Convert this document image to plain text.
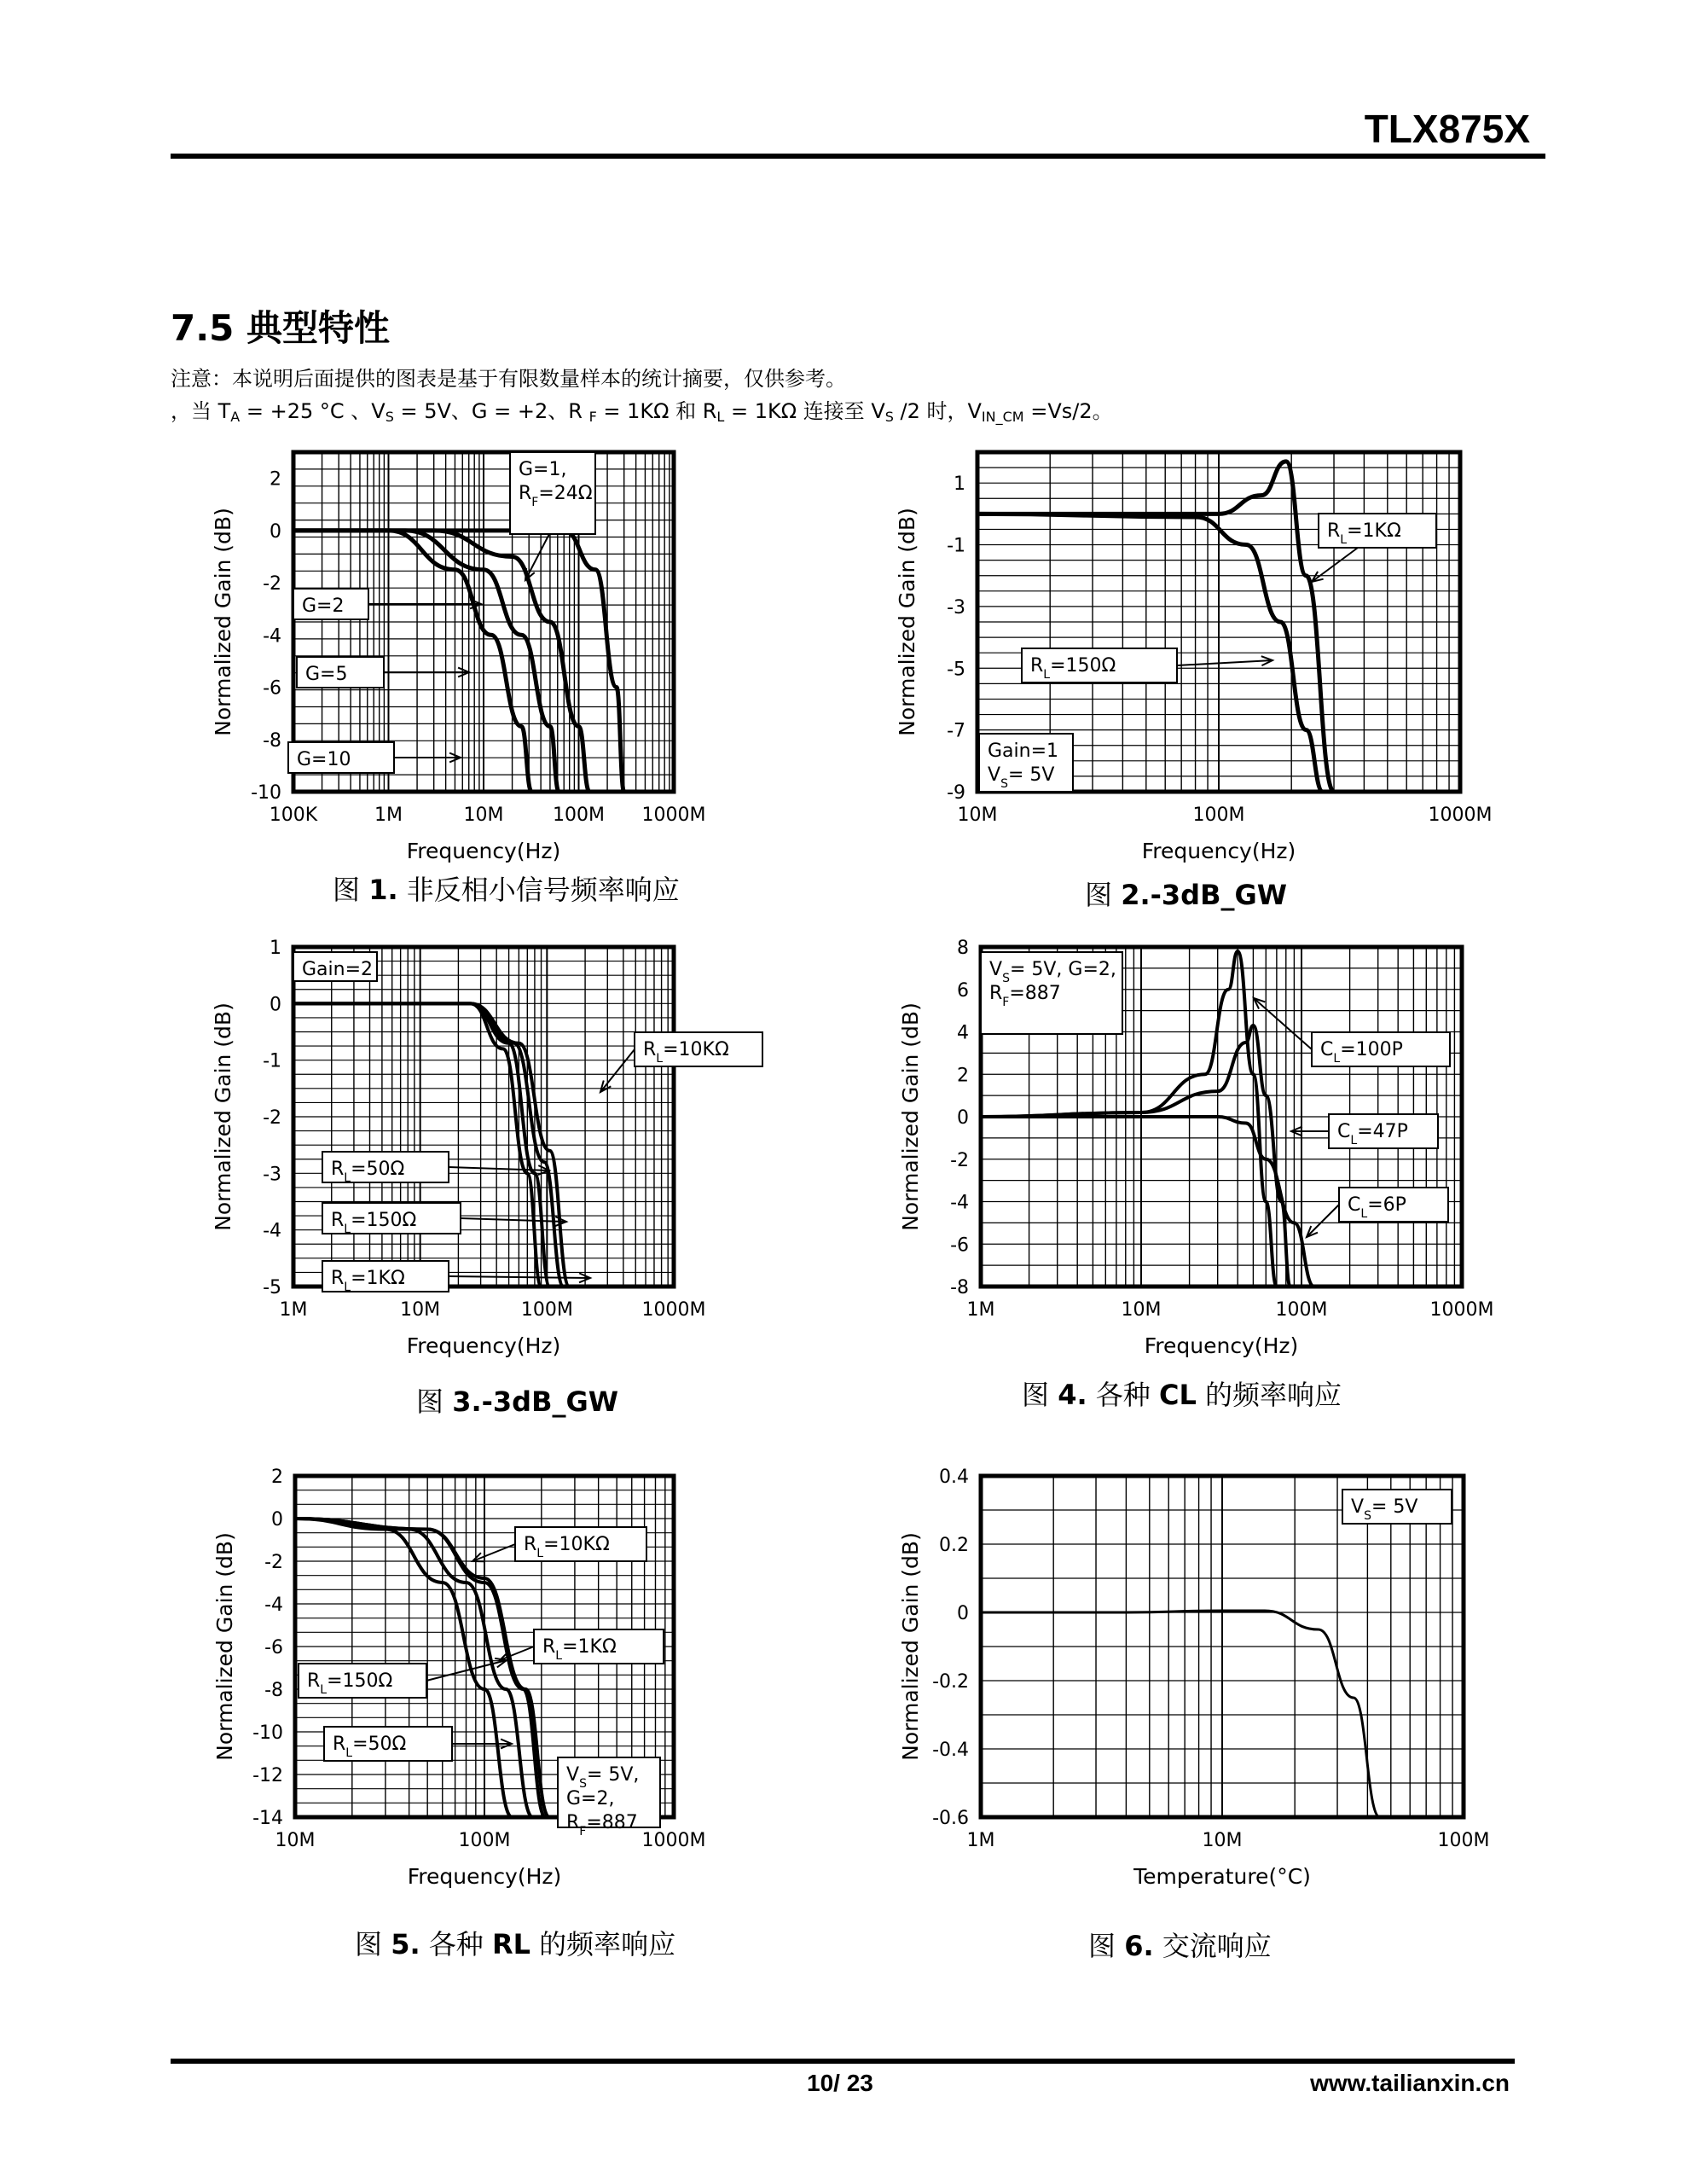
TLX875X
7.5 典型特性
注意：本说明后面提供的图表是基于有限数量样本的统计摘要，仅供参考。
，当 $T_A = +25$ °C 、$V_S = 5V$、G = +2、R $_F$ = 1KΩ 和 $R_L = 1K\Omega$ 连接至 $V_S$ /2 时，$V_{IN\_CM} =Vs/2$。
2
0
-2
-4
-6
-8
-10
100K	1M	10M	100M 1000M
Frequency(Hz)
Normalized Gain (dB)
G=1,
$R_F=24\Omega$
G=2
G=5
G=10
1
-1
-3
-5
-7
-9
10M	100M	1000M
Frequency(Hz)
Normalized Gain (dB)	$R_L=1K\Omega$
$R_L=150\Omega$
Gain=1
$V_S= 5V$
1
0
-1
-2
-3
-4
-5
1M	10M	100M	1000M
Frequency(Hz)
Normalized Gain (dB)
Gain=2
$R_L=10K\Omega$
$R_L=50\Omega$
$R_L=150\Omega$
$R_L=1K\Omega$
8
6
4
2
0
-2
-4
-6
-8
1M	10M	100M	1000M
Frequency(Hz)
Normalized Gain (dB)
$V_S= 5V$, G=2,
$R_F=887$
$C_L=100P$
$C_L=47P$
$C_L=6P$
2
0
-2
-4
-6
-8
-10
-12
-14
10M	100M	1000M
Frequency(Hz)
Normalized Gain (dB)	$R_L=10K\Omega$
$R_L=1K\Omega$
$R_L=150\Omega$
$R_L=50\Omega$
$V_S= 5V$,
G=2,
$R_F=887$
0.4
0.2
0
-0.2
-0.4
-0.6
1M	10M	100M
Temperature(°C)
Normalized Gain (dB)
$V_S= 5V$
图 1. 非反相小信号频率响应	图 2.-3dB_GW
图 3.-3dB_GW	图 4. 各种 CL 的频率响应
图 5. 各种 RL 的频率响应	图 6. 交流响应
10/ 23	www.tailianxin.cn
